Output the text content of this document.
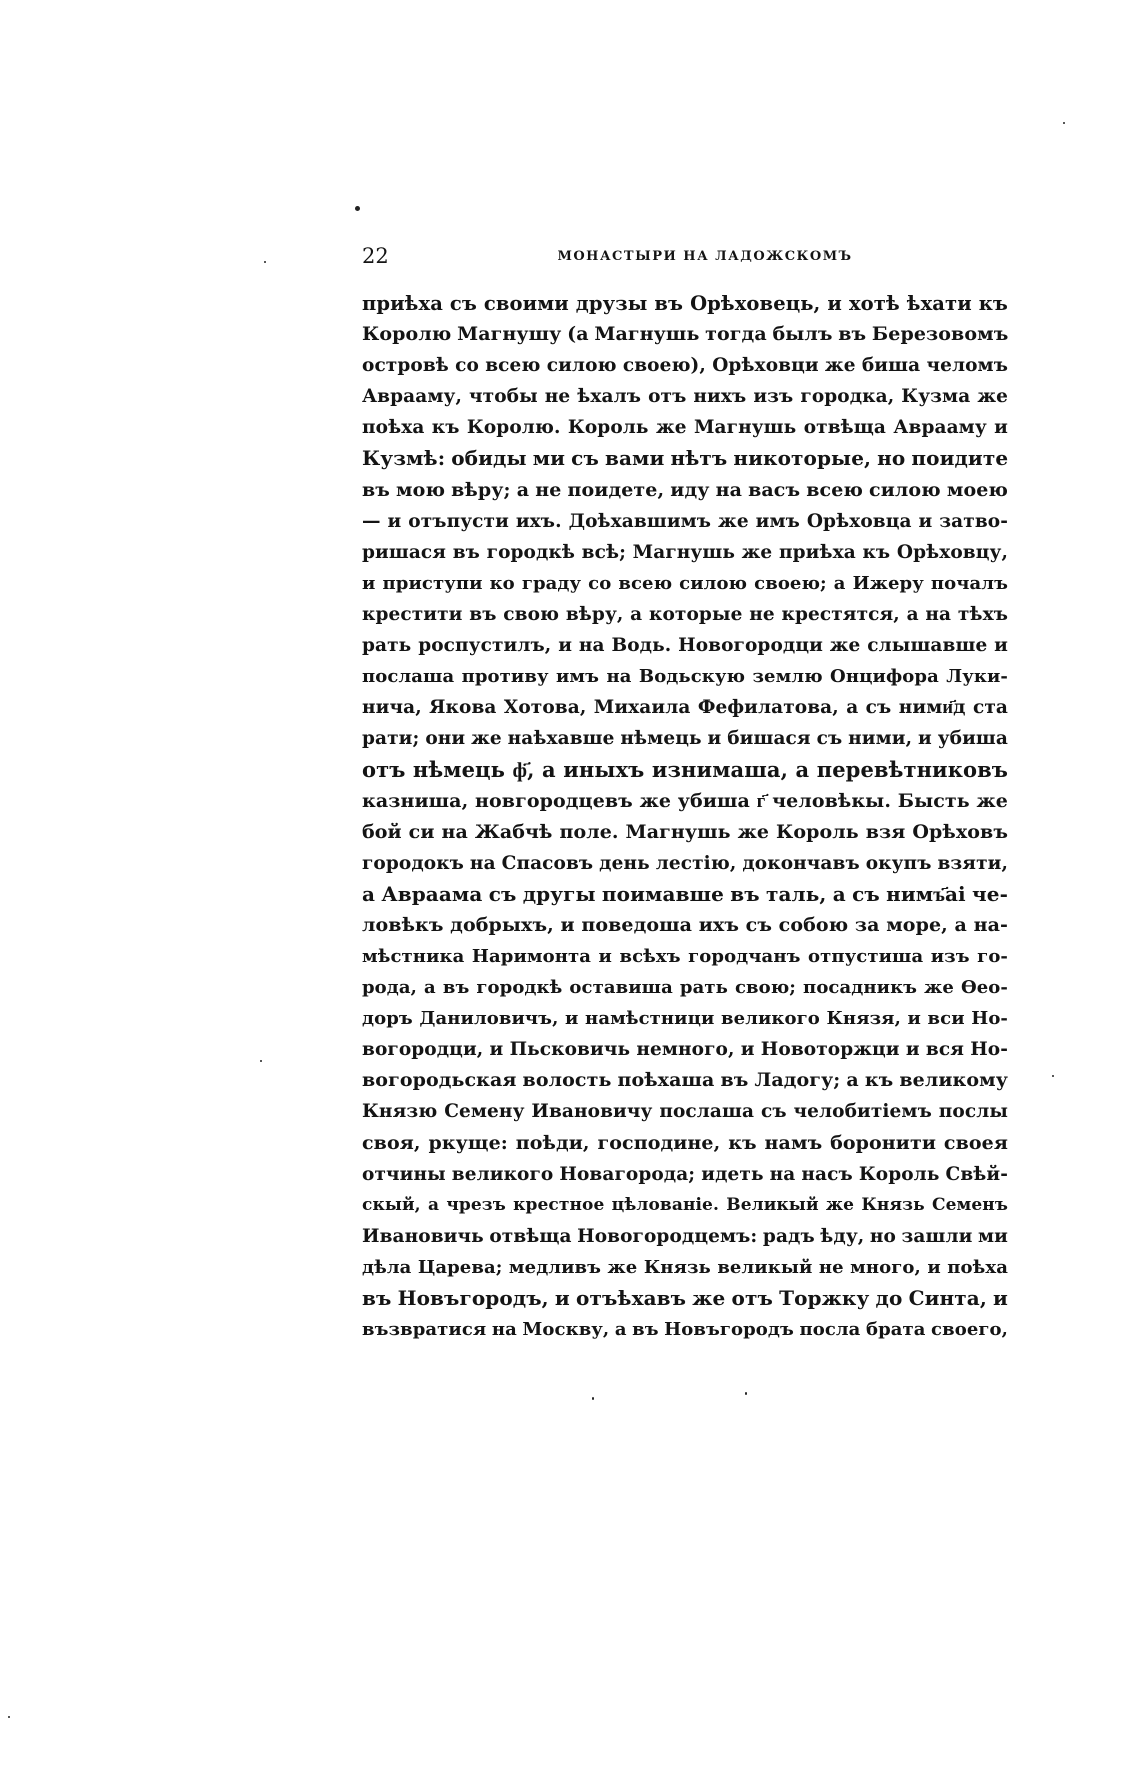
22	МОНАСТЫРИ НА ЛАДОЖСКОМЪ
приѣха съ своими друзы въ Орѣховець, и хотѣ ѣхати къ
Королю Магнушу (а Магнушь тогда былъ въ Березовомъ
островѣ со всею силою своею), Орѣховци же биша челомъ
Аврааму, чтобы не ѣхалъ отъ нихъ изъ городка, Кузма же
поѣха къ Королю. Король же Магнушь отвѣща Аврааму и
Кузмѣ: обиды ми съ вами нѣтъ никоторые, но поидите
въ мою вѣру; а не поидете, иду на васъ всею силою моею
— и отъпусти ихъ. Доѣхавшимъ же имъ Орѣховца и затво-
ришася въ городкѣ всѣ; Магнушь же приѣха къ Орѣховцу,
и приступи ко граду со всею силою своею; а Ижеру почалъ
крестити въ свою вѣру, а которые не крестятся, а на тѣхъ
рать роспустилъ, и на Водь. Новогородци же слышавше и
послаша противу имъ на Водьскую землю Онцифора Луки-
нича, Якова Хотова, Михаила Фефилатова, а съ ними҃д ста
рати; они же наѣхавше нѣмець и бишася съ ними, и убиша
отъ нѣмець ф҃, а иныхъ изнимаша, а перевѣтниковъ
казниша, новгородцевъ же убиша г҃ человѣкы. Бысть же
бой си на Жабчѣ поле. Магнушь же Король взя Орѣховъ
городокъ на Спасовъ день лестію, докончавъ окупъ взяти,
а Авраама съ другы поимавше въ таль, а съ нимъ҃аі че-
ловѣкъ добрыхъ, и поведоша ихъ съ собою за море, а на-
мѣстника Наримонта и всѣхъ городчанъ отпустиша изъ го-
рода, а въ городкѣ оставиша рать свою; посадникъ же Ѳео-
доръ Даниловичъ, и намѣстници великого Князя, и вси Но-
вогородци, и Пьсковичь немного, и Новоторжци и вся Но-
вогородьская волость поѣхаша въ Ладогу; а къ великому
Князю Семену Ивановичу послаша съ челобитіемъ послы
своя, ркуще: поѣди, господине, къ намъ боронити своея
отчины великого Новагорода; идеть на насъ Король Свѣй-
скый, а чрезъ крестное цѣлованіе. Великый же Князь Семенъ
Ивановичь отвѣща Новогородцемъ: радъ ѣду, но зашли ми
дѣла Царева; медливъ же Князь великый не много, и поѣха
въ Новъгородъ, и отъѣхавъ же отъ Торжку до Синта, и
възвратися на Москву, а въ Новъгородъ посла брата своего,
